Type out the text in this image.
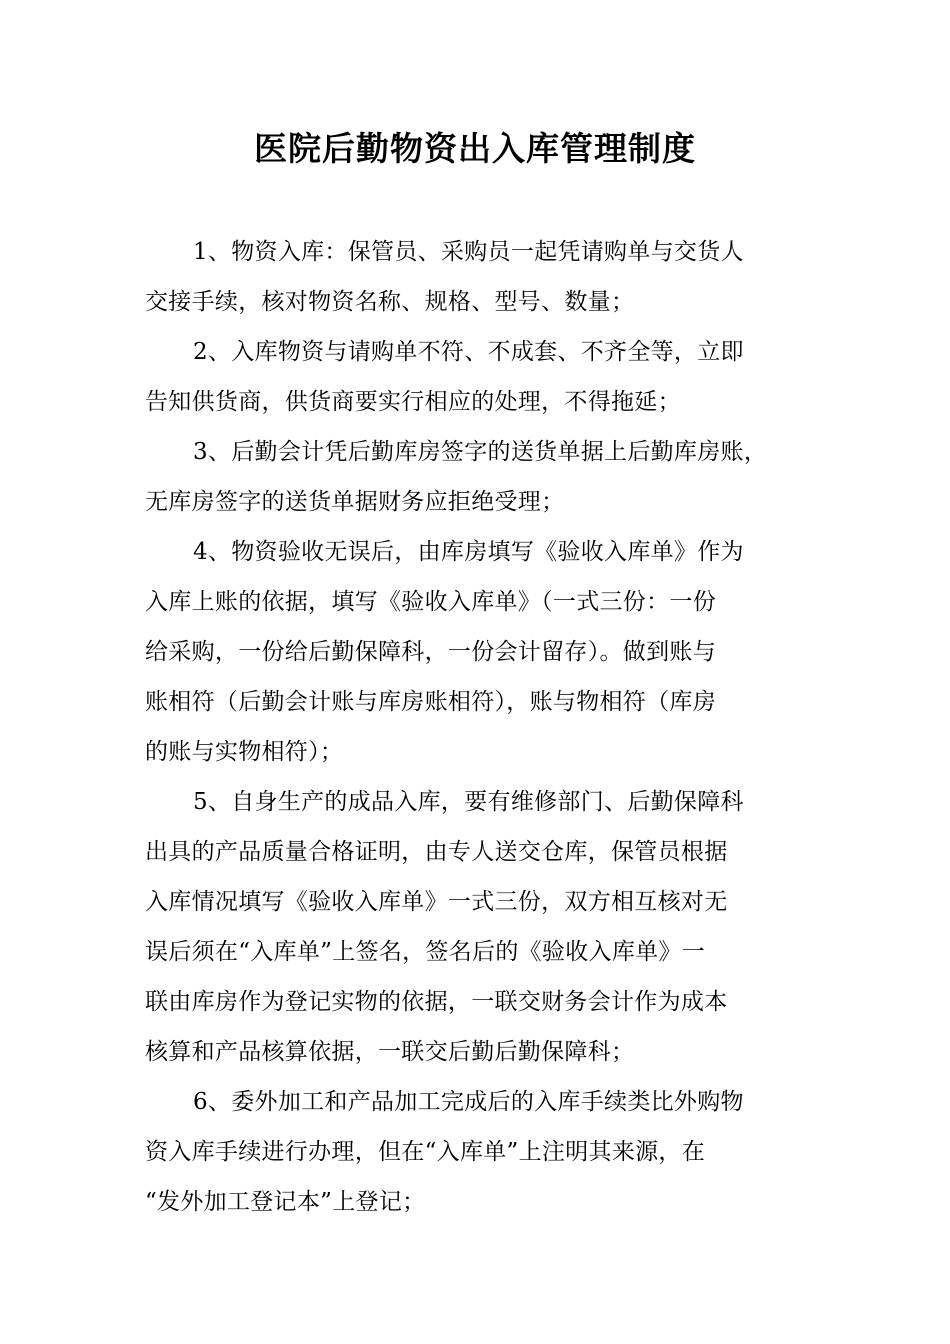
医院后勤物资出入库管理制度
1、物资入库：保管员、采购员一起凭请购单与交货人
交接手续，核对物资名称、规格、型号、数量；
2、入库物资与请购单不符、不成套、不齐全等，立即
告知供货商，供货商要实行相应的处理，不得拖延；
3、后勤会计凭后勤库房签字的送货单据上后勤库房账，
无库房签字的送货单据财务应拒绝受理；
4、物资验收无误后，由库房填写《验收入库单》作为
入库上账的依据，填写《验收入库单》（一式三份：一份
给采购，一份给后勤保障科，一份会计留存）。做到账与
账相符（后勤会计账与库房账相符），账与物相符（库房
的账与实物相符）；
5、自身生产的成品入库，要有维修部门、后勤保障科
出具的产品质量合格证明，由专人送交仓库，保管员根据
入库情况填写《验收入库单》一式三份，双方相互核对无
误后须在“入库单”上签名，签名后的《验收入库单》一
联由库房作为登记实物的依据，一联交财务会计作为成本
核算和产品核算依据，一联交后勤后勤保障科；
6、委外加工和产品加工完成后的入库手续类比外购物
资入库手续进行办理，但在“入库单”上注明其来源，在
“发外加工登记本”上登记；
